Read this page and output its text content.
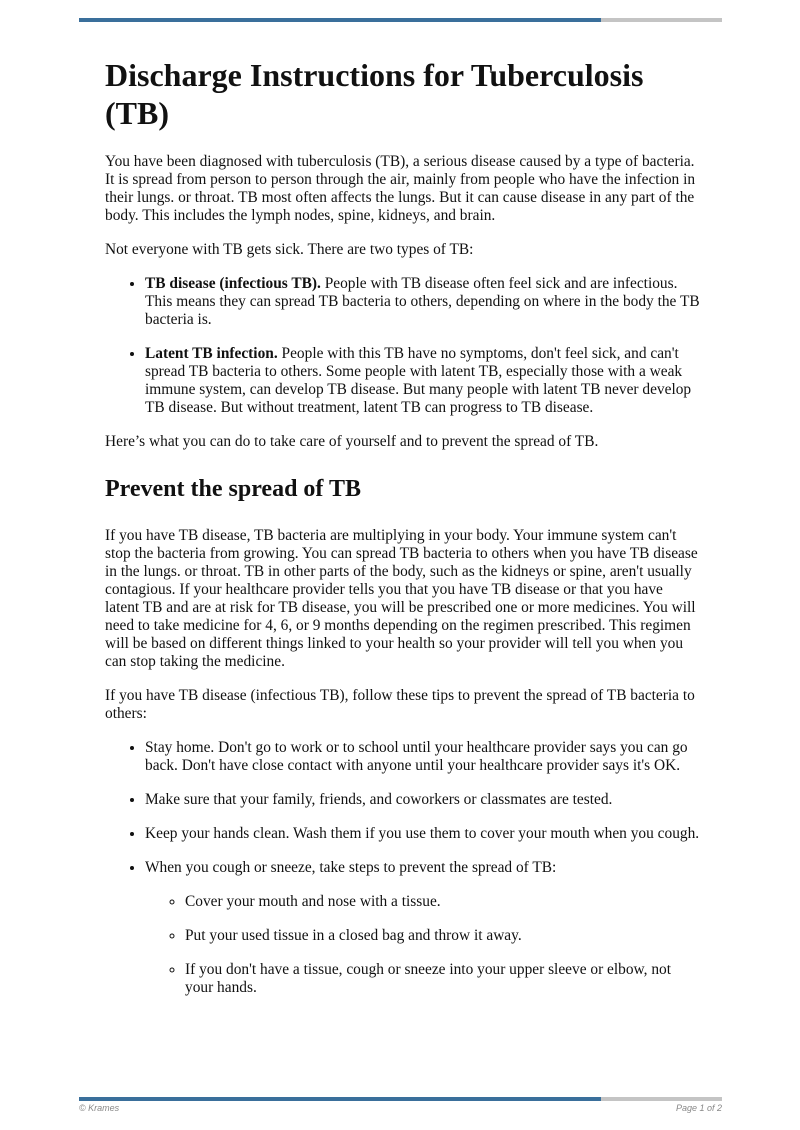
Discharge Instructions for Tuberculosis (TB)

You have been diagnosed with tuberculosis (TB), a serious disease caused by a type of bacteria. It is spread from person to person through the air, mainly from people who have the infection in their lungs. or throat. TB most often affects the lungs. But it can cause disease in any part of the body. This includes the lymph nodes, spine, kidneys, and brain.

Not everyone with TB gets sick. There are two types of TB:

• TB disease (infectious TB). People with TB disease often feel sick and are infectious. This means they can spread TB bacteria to others, depending on where in the body the TB bacteria is.
• Latent TB infection. People with this TB have no symptoms, don't feel sick, and can't spread TB bacteria to others. Some people with latent TB, especially those with a weak immune system, can develop TB disease. But many people with latent TB never develop TB disease. But without treatment, latent TB can progress to TB disease.

Here’s what you can do to take care of yourself and to prevent the spread of TB.

Prevent the spread of TB

If you have TB disease, TB bacteria are multiplying in your body. Your immune system can't stop the bacteria from growing. You can spread TB bacteria to others when you have TB disease in the lungs. or throat. TB in other parts of the body, such as the kidneys or spine, aren't usually contagious. If your healthcare provider tells you that you have TB disease or that you have latent TB and are at risk for TB disease, you will be prescribed one or more medicines. You will need to take medicine for 4, 6, or 9 months depending on the regimen prescribed. This regimen will be based on different things linked to your health so your provider will tell you when you can stop taking the medicine.

If you have TB disease (infectious TB), follow these tips to prevent the spread of TB bacteria to others:

• Stay home. Don't go to work or to school until your healthcare provider says you can go back. Don't have close contact with anyone until your healthcare provider says it's OK.
• Make sure that your family, friends, and coworkers or classmates are tested.
• Keep your hands clean. Wash them if you use them to cover your mouth when you cough.
• When you cough or sneeze, take steps to prevent the spread of TB:
◦ Cover your mouth and nose with a tissue.
◦ Put your used tissue in a closed bag and throw it away.
◦ If you don't have a tissue, cough or sneeze into your upper sleeve or elbow, not your hands.
© Krames	Page 1 of 2
